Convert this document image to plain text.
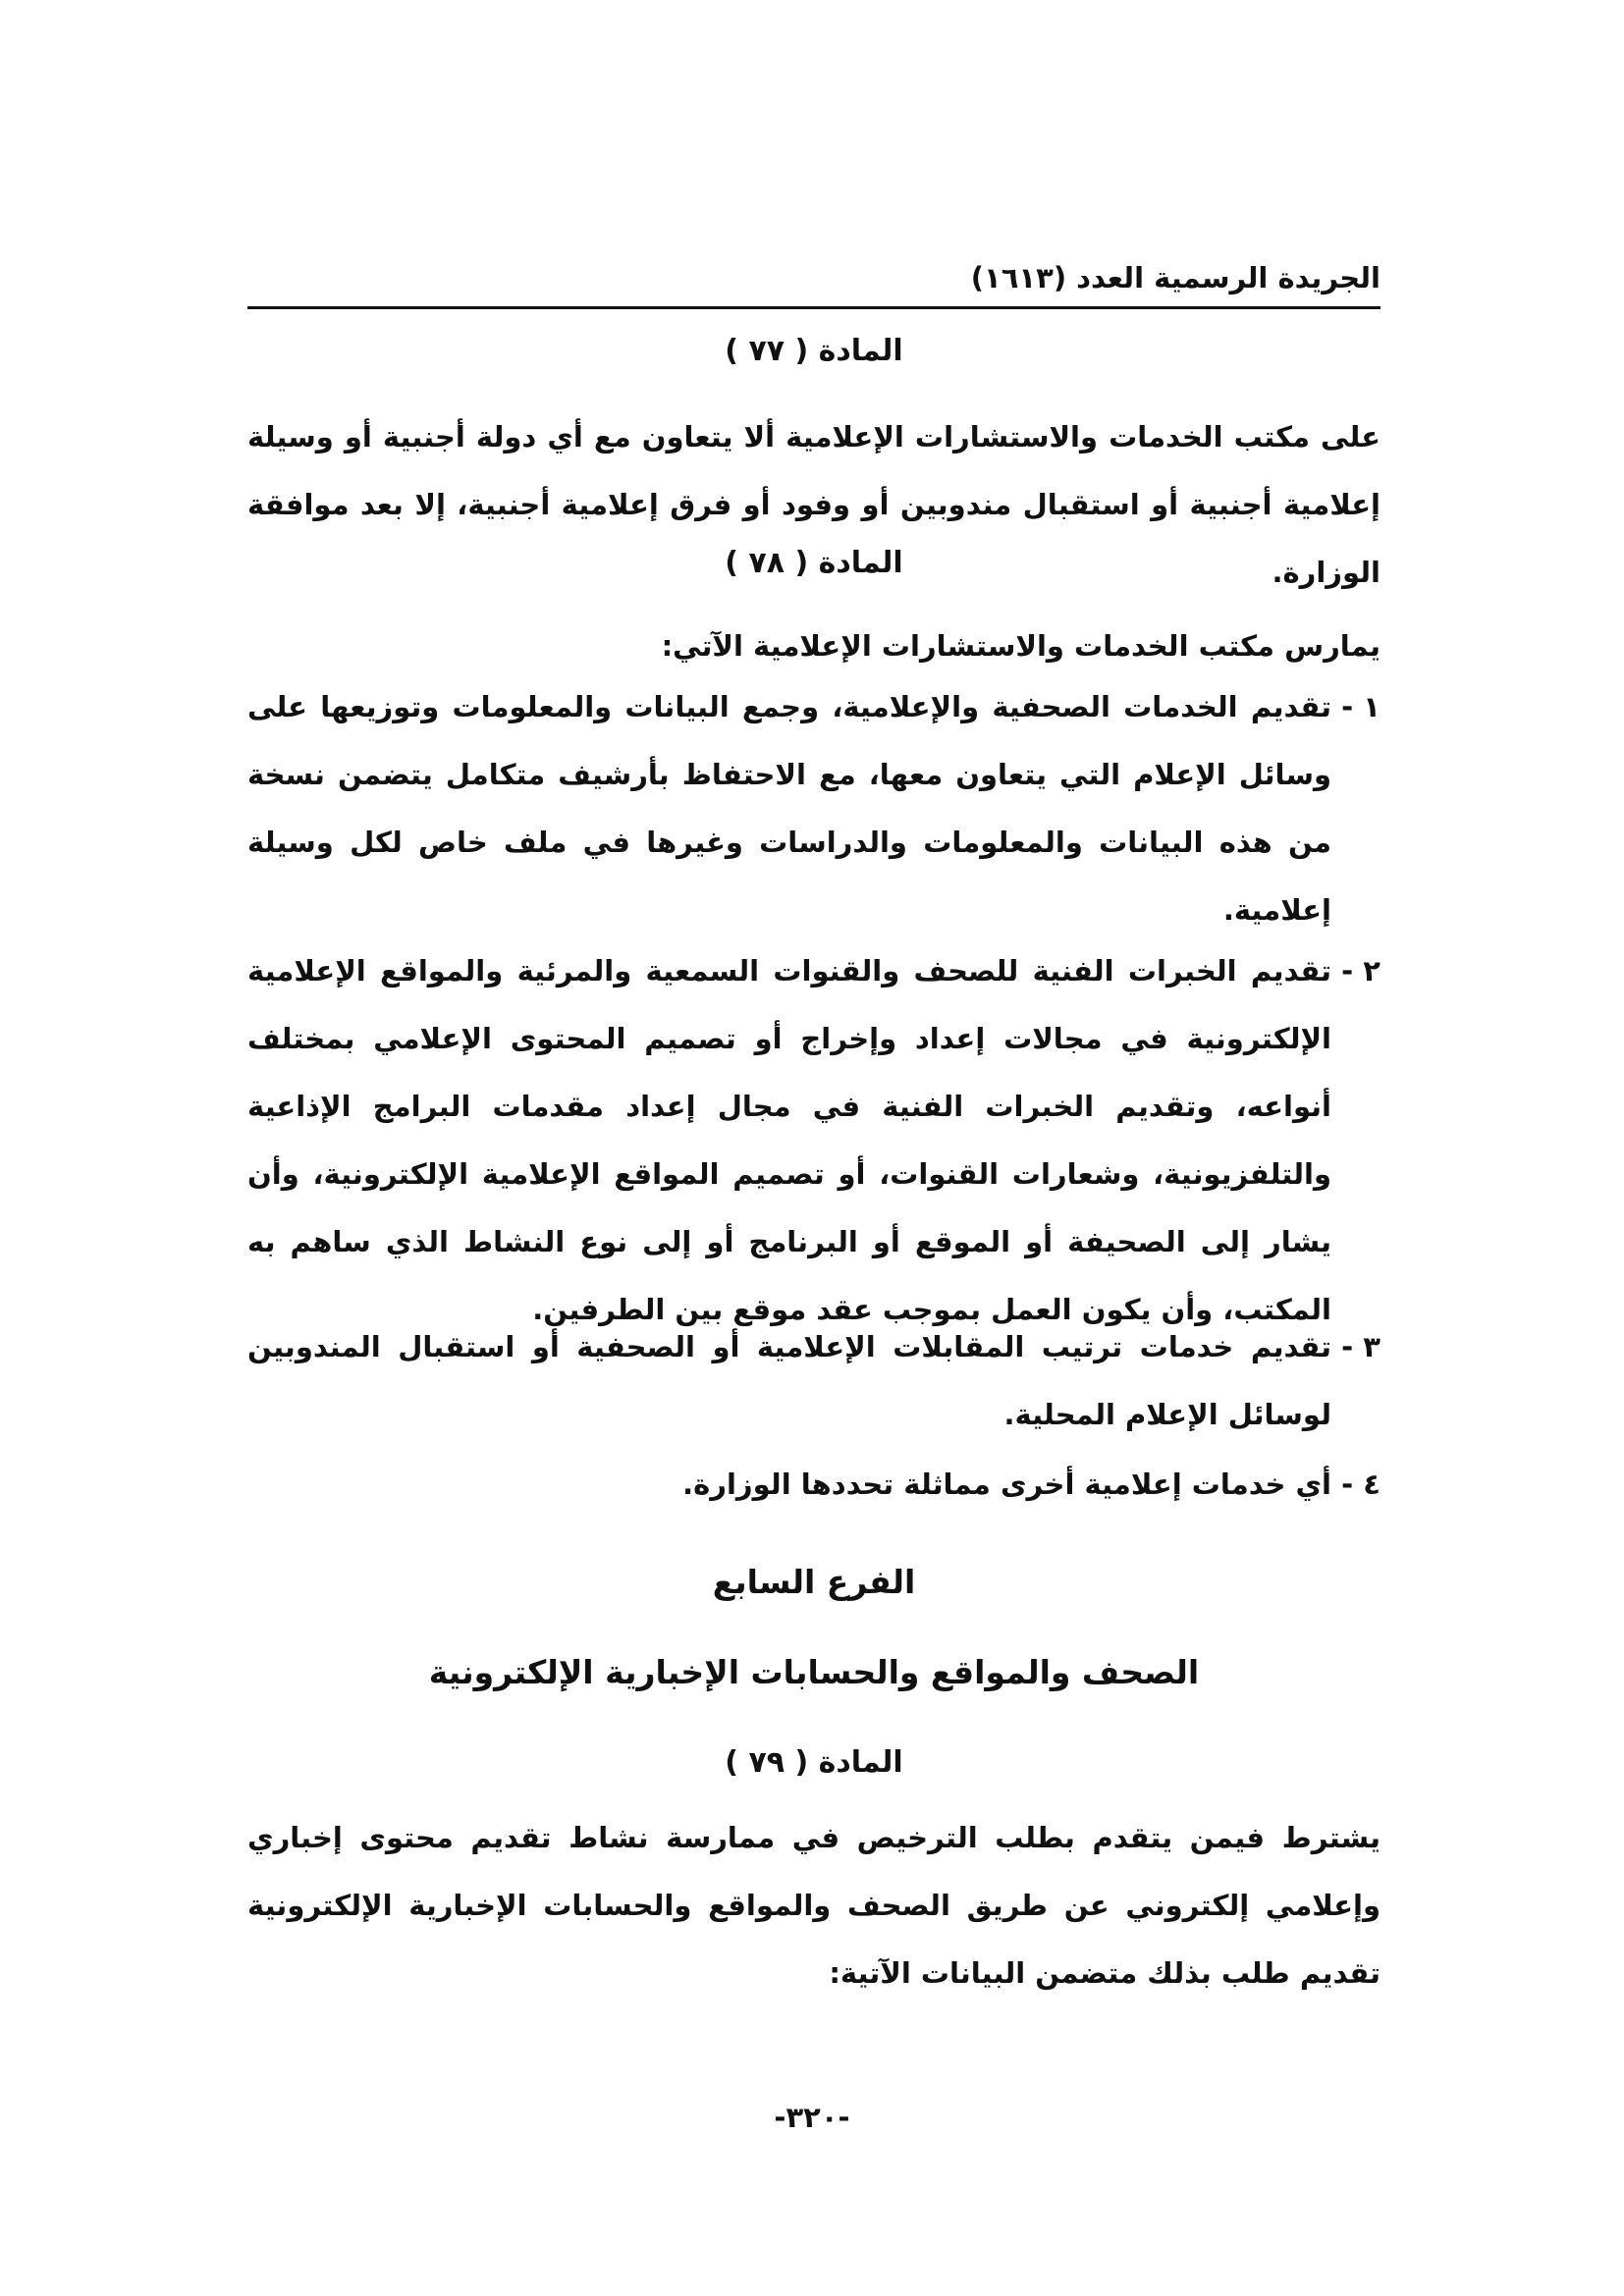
الجريدة الرسمية العدد (١٦١٣)
المادة ( ٧٧ )
على مكتب الخدمات والاستشارات الإعلامية ألا يتعاون مع أي دولة أجنبية أو وسيلة إعلامية أجنبية أو استقبال مندوبين أو وفود أو فرق إعلامية أجنبية، إلا بعد موافقة الوزارة.
المادة ( ٧٨ )
يمارس مكتب الخدمات والاستشارات الإعلامية الآتي:
١ -
تقديم الخدمات الصحفية والإعلامية، وجمع البيانات والمعلومات وتوزيعها على وسائل الإعلام التي يتعاون معها، مع الاحتفاظ بأرشيف متكامل يتضمن نسخة من هذه البيانات والمعلومات والدراسات وغيرها في ملف خاص لكل وسيلة إعلامية.
٢ -
تقديم الخبرات الفنية للصحف والقنوات السمعية والمرئية والمواقع الإعلامية الإلكترونية في مجالات إعداد وإخراج أو تصميم المحتوى الإعلامي بمختلف أنواعه، وتقديم الخبرات الفنية في مجال إعداد مقدمات البرامج الإذاعية والتلفزيونية، وشعارات القنوات، أو تصميم المواقع الإعلامية الإلكترونية، وأن يشار إلى الصحيفة أو الموقع أو البرنامج أو إلى نوع النشاط الذي ساهم به المكتب، وأن يكون العمل بموجب عقد موقع بين الطرفين.
٣ -
تقديم خدمات ترتيب المقابلات الإعلامية أو الصحفية أو استقبال المندوبين لوسائل الإعلام المحلية.
٤ -
أي خدمات إعلامية أخرى مماثلة تحددها الوزارة.
الفرع السابع
الصحف والمواقع والحسابات الإخبارية الإلكترونية
المادة ( ٧٩ )
يشترط فيمن يتقدم بطلب الترخيص في ممارسة نشاط تقديم محتوى إخباري وإعلامي إلكتروني عن طريق الصحف والمواقع والحسابات الإخبارية الإلكترونية تقديم طلب بذلك متضمن البيانات الآتية:
-٣٢٠-
